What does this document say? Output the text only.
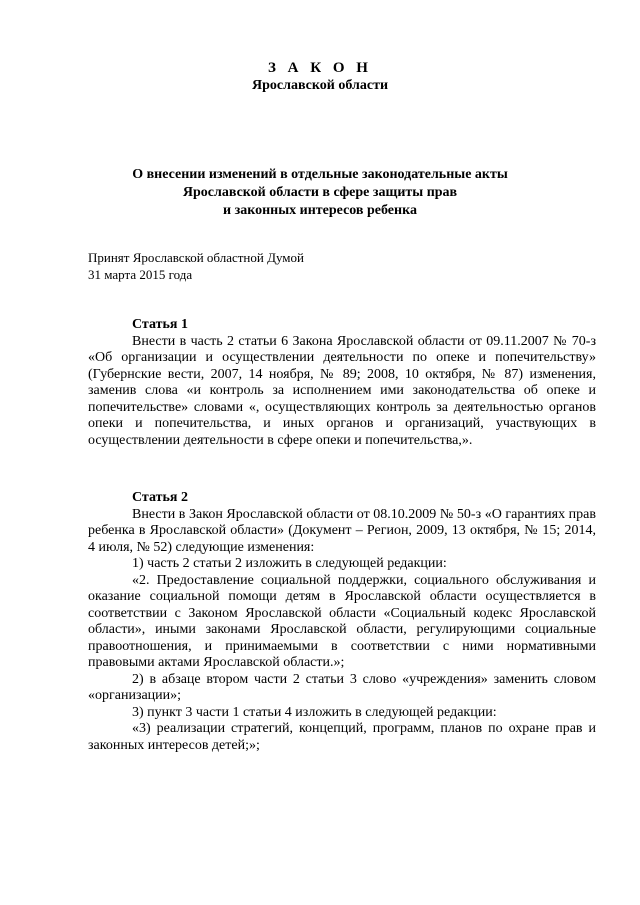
З А К О Н
Ярославской области
О внесении изменений в отдельные законодательные акты
Ярославской области в сфере защиты прав
и законных интересов ребенка
Принят Ярославской областной Думой
31 марта 2015 года
Статья 1

Внести в часть 2 статьи 6 Закона Ярославской области от 09.11.2007 № 70-з «Об организации и осуществлении деятельности по опеке и попечительству» (Губернские вести, 2007, 14 ноября, № 89; 2008, 10 октября, № 87) изменения, заменив слова «и контроль за исполнением ими законодательства об опеке и попечительстве» словами «, осуществляющих контроль за деятельностью органов опеки и попечительства, и иных органов и организаций, участвующих в осуществлении деятельности в сфере опеки и попечительства,».

Статья 2

Внести в Закон Ярославской области от 08.10.2009 № 50-з «О гарантиях прав ребенка в Ярославской области» (Документ – Регион, 2009, 13 октября, № 15; 2014, 4 июля, № 52) следующие изменения:

1) часть 2 статьи 2 изложить в следующей редакции:

«2. Предоставление социальной поддержки, социального обслуживания и оказание социальной помощи детям в Ярославской области осуществляется в соответствии с Законом Ярославской области «Социальный кодекс Ярославской области», иными законами Ярославской области, регулирующими социальные правоотношения, и принимаемыми в соответствии с ними нормативными правовыми актами Ярославской области.»;

2) в абзаце втором части 2 статьи 3 слово «учреждения» заменить словом «организации»;

3) пункт 3 части 1 статьи 4 изложить в следующей редакции:

«3) реализации стратегий, концепций, программ, планов по охране прав и законных интересов детей;»;
